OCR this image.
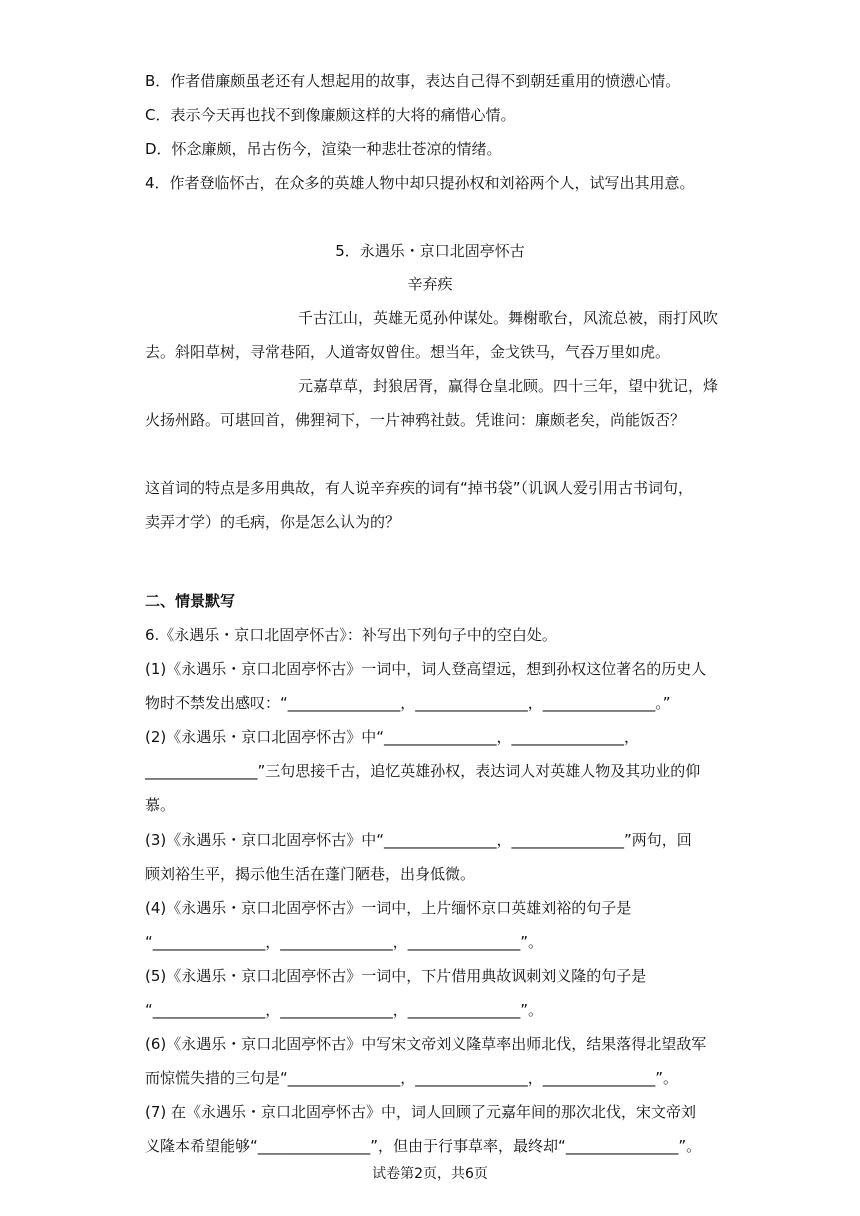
B．作者借廉颇虽老还有人想起用的故事，表达自己得不到朝廷重用的愤懑心情。
C．表示今天再也找不到像廉颇这样的大将的痛惜心情。
D．怀念廉颇，吊古伤今，渲染一种悲壮苍凉的情绪。
4．作者登临怀古，在众多的英雄人物中却只提孙权和刘裕两个人，试写出其用意。
5．永遇乐・京口北固亭怀古
辛弃疾
千古江山，英雄无觅孙仲谋处。舞榭歌台，风流总被，雨打风吹
去。斜阳草树，寻常巷陌，人道寄奴曾住。想当年，金戈铁马，气吞万里如虎。
元嘉草草，封狼居胥，赢得仓皇北顾。四十三年，望中犹记，烽
火扬州路。可堪回首，佛狸祠下，一片神鸦社鼓。凭谁问：廉颇老矣，尚能饭否？
这首词的特点是多用典故，有人说辛弃疾的词有“掉书袋”（讥讽人爱引用古书词句，
卖弄才学）的毛病，你是怎么认为的？
二、情景默写
6.《永遇乐・京口北固亭怀古》：补写出下列句子中的空白处。
(1)《永遇乐・京口北固亭怀古》一词中，词人登高望远，想到孙权这位著名的历史人
物时不禁发出感叹：“_______________，_______________，_______________。”
(2)《永遇乐・京口北固亭怀古》中“_______________，_______________，
_______________”三句思接千古，追忆英雄孙权，表达词人对英雄人物及其功业的仰
慕。
(3)《永遇乐・京口北固亭怀古》中“_______________，_______________”两句，回
顾刘裕生平，揭示他生活在蓬门陋巷，出身低微。
(4)《永遇乐・京口北固亭怀古》一词中，上片缅怀京口英雄刘裕的句子是
“_______________，_______________，_______________”。
(5)《永遇乐・京口北固亭怀古》一词中，下片借用典故讽刺刘义隆的句子是
“_______________，_______________，_______________”。
(6)《永遇乐・京口北固亭怀古》中写宋文帝刘义隆草率出师北伐，结果落得北望敌军
而惊慌失措的三句是“_______________，_______________，_______________”。
(7) 在《永遇乐・京口北固亭怀古》中，词人回顾了元嘉年间的那次北伐，宋文帝刘
义隆本希望能够“_______________”，但由于行事草率，最终却“_______________”。
试卷第2页，共6页
